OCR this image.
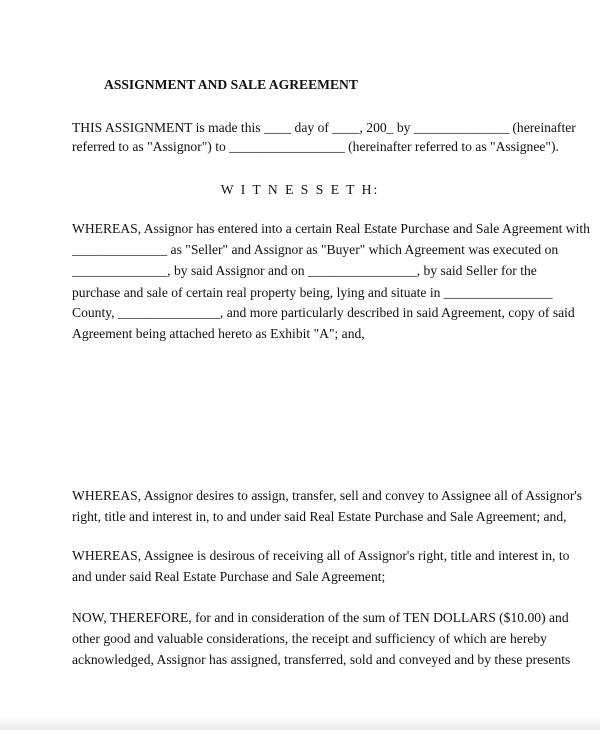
ASSIGNMENT AND SALE AGREEMENT
THIS ASSIGNMENT is made this ____ day of ____, 200_ by ______________ (hereinafter
referred to as "Assignor") to _________________ (hereinafter referred to as "Assignee").
W I T N E S S E T H:
WHEREAS, Assignor has entered into a certain Real Estate Purchase and Sale Agreement with
______________ as "Seller" and Assignor as "Buyer" which Agreement was executed on
______________, by said Assignor and on ________________, by said Seller for the
purchase and sale of certain real property being, lying and situate in ________________
County, _______________, and more particularly described in said Agreement, copy of said
Agreement being attached hereto as Exhibit "A"; and,
WHEREAS, Assignor desires to assign, transfer, sell and convey to Assignee all of Assignor's
right, title and interest in, to and under said Real Estate Purchase and Sale Agreement; and,
WHEREAS, Assignee is desirous of receiving all of Assignor's right, title and interest in, to
and under said Real Estate Purchase and Sale Agreement;
NOW, THEREFORE, for and in consideration of the sum of TEN DOLLARS ($10.00) and
other good and valuable considerations, the receipt and sufficiency of which are hereby
acknowledged, Assignor has assigned, transferred, sold and conveyed and by these presents
